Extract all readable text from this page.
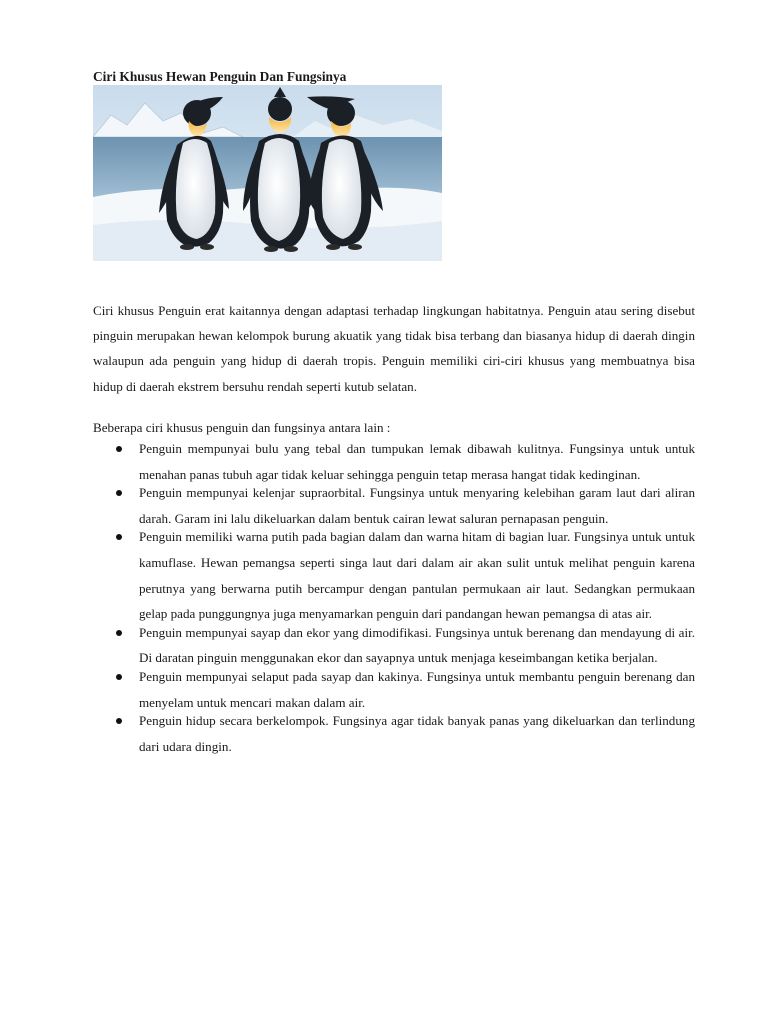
Ciri Khusus Hewan Penguin Dan Fungsinya

Ciri khusus Penguin erat kaitannya dengan adaptasi terhadap lingkungan habitatnya. Penguin atau sering disebut pinguin merupakan hewan kelompok burung akuatik yang tidak bisa terbang dan biasanya hidup di daerah dingin walaupun ada penguin yang hidup di daerah tropis. Penguin memiliki ciri-ciri khusus yang membuatnya bisa hidup di daerah ekstrem bersuhu rendah seperti kutub selatan.

Beberapa ciri khusus penguin dan fungsinya antara lain :

Penguin mempunyai bulu yang tebal dan tumpukan lemak dibawah kulitnya. Fungsinya untuk untuk menahan panas tubuh agar tidak keluar sehingga penguin tetap merasa hangat tidak kedinginan.
Penguin mempunyai kelenjar supraorbital. Fungsinya untuk menyaring kelebihan garam laut dari aliran darah. Garam ini lalu dikeluarkan dalam bentuk cairan lewat saluran pernapasan penguin.
Penguin memiliki warna putih pada bagian dalam dan warna hitam di bagian luar. Fungsinya untuk untuk kamuflase. Hewan pemangsa seperti singa laut dari dalam air akan sulit untuk melihat penguin karena perutnya yang berwarna putih bercampur dengan pantulan permukaan air laut. Sedangkan permukaan gelap pada punggungnya juga menyamarkan penguin dari pandangan hewan pemangsa di atas air.
Penguin mempunyai sayap dan ekor yang dimodifikasi. Fungsinya untuk berenang dan mendayung di air. Di daratan pinguin menggunakan ekor dan sayapnya untuk menjaga keseimbangan ketika berjalan.
Penguin mempunyai selaput pada sayap dan kakinya. Fungsinya untuk membantu penguin berenang dan menyelam untuk mencari makan dalam air.
Penguin hidup secara berkelompok. Fungsinya agar tidak banyak panas yang dikeluarkan dan terlindung dari udara dingin.
